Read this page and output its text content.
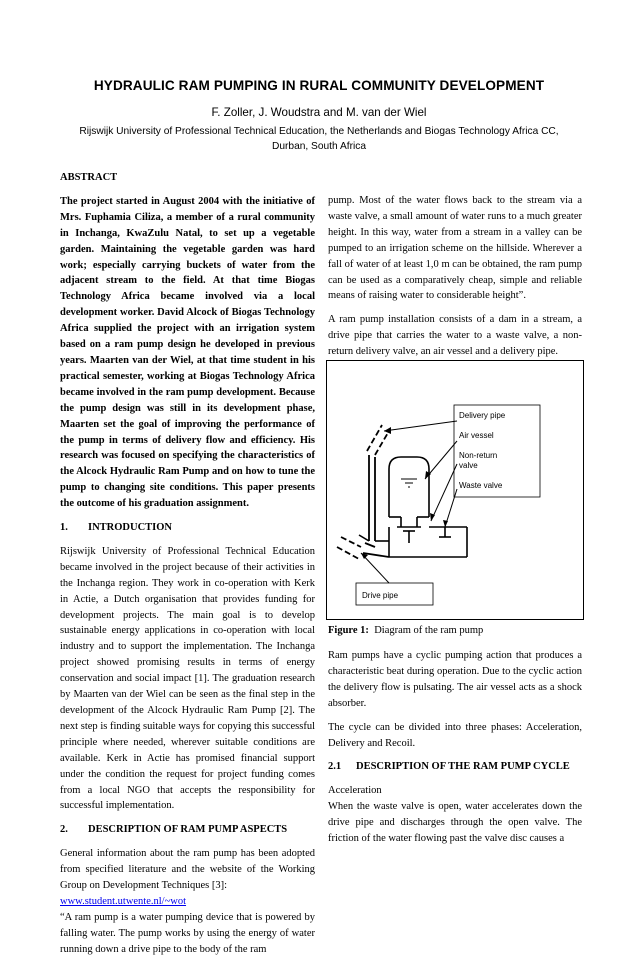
HYDRAULIC RAM PUMPING IN RURAL COMMUNITY DEVELOPMENT
F. Zoller, J. Woudstra and M. van der Wiel
Rijswijk University of Professional Technical Education, the Netherlands and Biogas Technology Africa CC,
Durban, South Africa
ABSTRACT

The project started in August 2004 with the initiative of Mrs. Fuphamia Ciliza, a member of a rural community in Inchanga, KwaZulu Natal, to set up a vegetable garden. Maintaining the vegetable garden was hard work; especially carrying buckets of water from the adjacent stream to the field. At that time Biogas Technology Africa became involved via a local development worker. David Alcock of Biogas Technology Africa supplied the project with an irrigation system based on a ram pump design he developed in previous years. Maarten van der Wiel, at that time student in his practical semester, working at Biogas Technology Africa became involved in the ram pump development. Because the pump design was still in its development phase, Maarten set the goal of improving the performance of the pump in terms of delivery flow and efficiency. His research was focused on specifying the characteristics of the Alcock Hydraulic Ram Pump and on how to tune the pump to changing site conditions. This paper presents the outcome of his graduation assignment.

1.	INTRODUCTION

Rijswijk University of Professional Technical Education became involved in the project because of their activities in the Inchanga region. They work in co-operation with Kerk in Actie, a Dutch organisation that provides funding for development projects. The main goal is to develop sustainable energy applications in co-operation with local industry and to support the implementation. The Inchanga project showed promising results in terms of energy conservation and social impact [1]. The graduation research by Maarten van der Wiel can be seen as the final step in the development of the Alcock Hydraulic Ram Pump [2]. The next step is finding suitable ways for copying this successful principle where needed, wherever suitable conditions are available. Kerk in Actie has promised financial support under the condition the request for project funding comes from a local NGO that accepts the responsibility for successful implementation.

2.	DESCRIPTION OF RAM PUMP ASPECTS

General information about the ram pump has been adopted from specified literature and the website of the Working Group on Development Techniques [3]:
www.student.utwente.nl/~wot

“A ram pump is a water pumping device that is powered by falling water. The pump works by using the energy of water running down a drive pipe to the body of the ram

pump. Most of the water flows back to the stream via a waste valve, a small amount of water runs to a much greater height. In this way, water from a stream in a valley can be pumped to an irrigation scheme on the hillside. Wherever a fall of water of at least 1,0 m can be obtained, the ram pump can be used as a comparatively cheap, simple and reliable means of raising water to considerable height”.

A ram pump installation consists of a dam in a stream, a drive pipe that carries the water to a waste valve, a non-return delivery valve, an air vessel and a delivery pipe.

Delivery pipe
Air vessel
Non-return
valve
Waste valve
Drive pipe
Figure 1: Diagram of the ram pump

Ram pumps have a cyclic pumping action that produces a characteristic beat during operation. Due to the cyclic action the delivery flow is pulsating. The air vessel acts as a shock absorber.

The cycle can be divided into three phases: Acceleration, Delivery and Recoil.

2.1	DESCRIPTION OF THE RAM PUMP CYCLE
Acceleration

When the waste valve is open, water accelerates down the drive pipe and discharges through the open valve. The friction of the water flowing past the valve disc causes a
